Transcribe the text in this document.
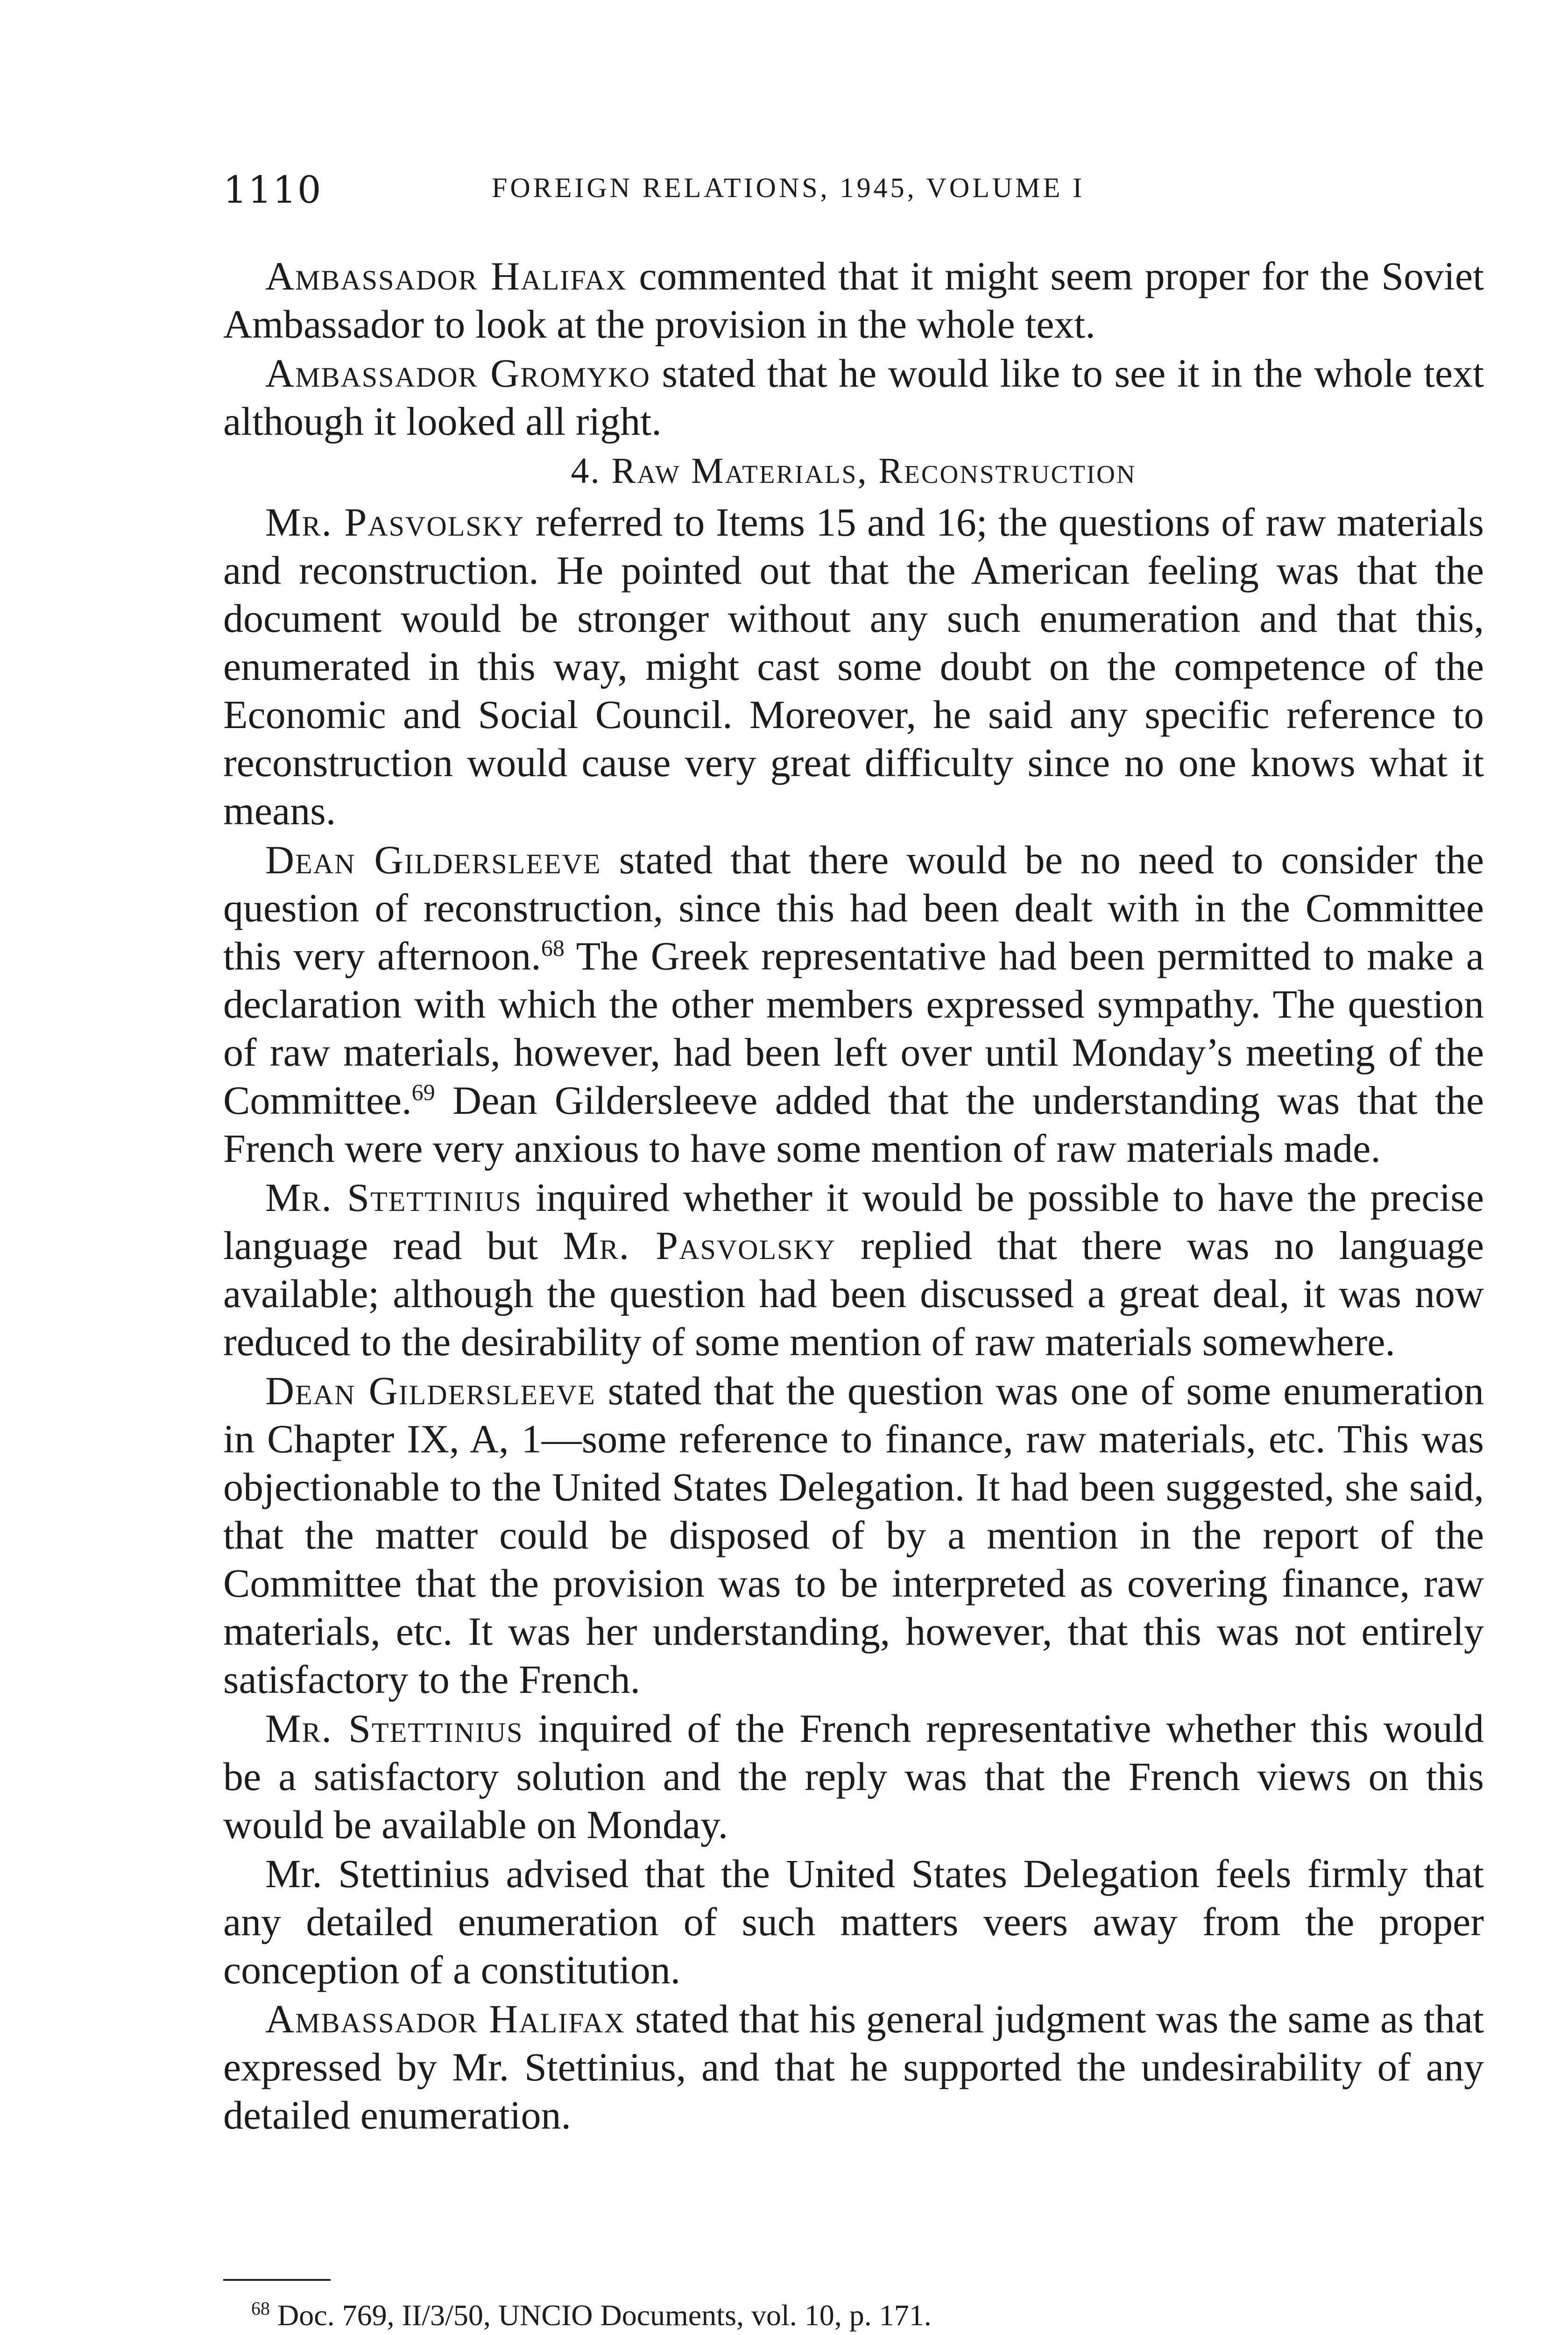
1110	FOREIGN RELATIONS, 1945, VOLUME I

Ambassador Halifax commented that it might seem proper for the Soviet Ambassador to look at the provision in the whole text.

Ambassador Gromyko stated that he would like to see it in the whole text although it looked all right.

4. Raw Materials, Reconstruction

Mr. Pasvolsky referred to Items 15 and 16; the questions of raw materials and reconstruction. He pointed out that the American feeling was that the document would be stronger without any such enumeration and that this, enumerated in this way, might cast some doubt on the competence of the Economic and Social Council. Moreover, he said any specific reference to reconstruction would cause very great difficulty since no one knows what it means.

Dean Gildersleeve stated that there would be no need to consider the question of reconstruction, since this had been dealt with in the Committee this very afternoon.$^{68}$ The Greek representative had been permitted to make a declaration with which the other members expressed sympathy. The question of raw materials, however, had been left over until Monday’s meeting of the Committee.$^{69}$ Dean Gildersleeve added that the understanding was that the French were very anxious to have some mention of raw materials made.

Mr. Stettinius inquired whether it would be possible to have the precise language read but Mr. Pasvolsky replied that there was no language available; although the question had been discussed a great deal, it was now reduced to the desirability of some mention of raw materials somewhere.

Dean Gildersleeve stated that the question was one of some enumeration in Chapter IX, A, 1—some reference to finance, raw materials, etc. This was objectionable to the United States Delegation. It had been suggested, she said, that the matter could be disposed of by a mention in the report of the Committee that the provision was to be interpreted as covering finance, raw materials, etc. It was her understanding, however, that this was not entirely satisfactory to the French.

Mr. Stettinius inquired of the French representative whether this would be a satisfactory solution and the reply was that the French views on this would be available on Monday.

Mr. Stettinius advised that the United States Delegation feels firmly that any detailed enumeration of such matters veers away from the proper conception of a constitution.

Ambassador Halifax stated that his general judgment was the same as that expressed by Mr. Stettinius, and that he supported the undesirability of any detailed enumeration.

$^{68}$ Doc. 769, II/3/50, UNCIO Documents, vol. 10, p. 171.
